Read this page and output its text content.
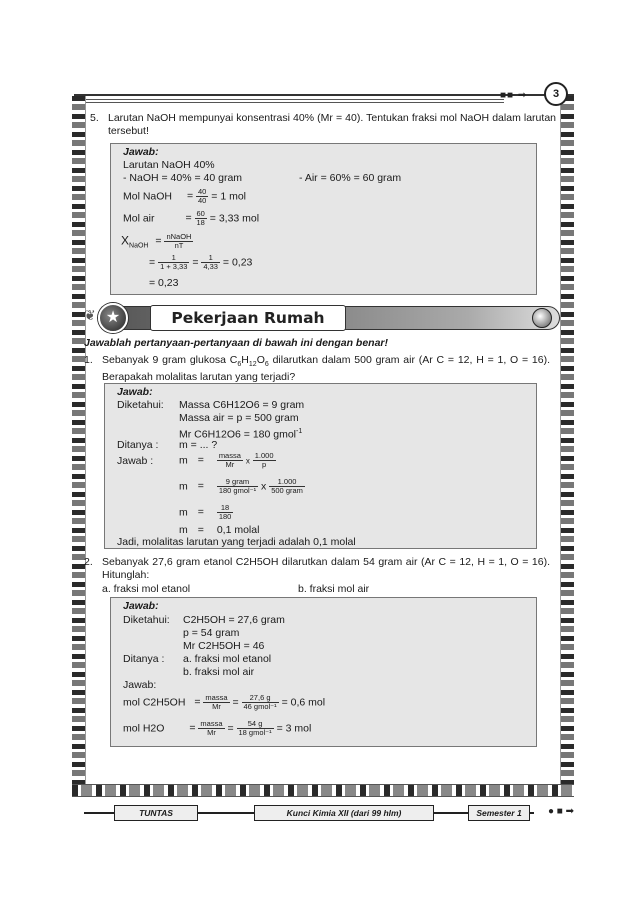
■■ ➡	3
5. Larutan NaOH mempunyai konsentrasi 40% (Mr = 40). Tentukan fraksi mol NaOH dalam larutan tersebut!
Jawab:
Larutan NaOH 40%
- NaOH = 40% = 40 gram	- Air = 60% = 60 gram
Mol NaOH = $\frac{40}{40} = 1$ mol
Mol air	= $\frac{60}{18} = 3,33$ mol
$X_{NaOH} = \frac{\text{nNaOH}}{nT}$
= $\frac{1}{1 + 3,33} = \frac{1}{4,33} = 0,23$
= 0,23
❦ ★	Pekerjaan Rumah
Jawablah pertanyaan-pertanyaan di bawah ini dengan benar!
1. Sebanyak 9 gram glukosa $C_6H_{12}O_6$ dilarutkan dalam 500 gram air (Ar C = 12, H = 1, O = 16). Berapakah molalitas larutan yang terjadi?
Jawab:
Diketahui: Massa C6H12O6 = 9 gram
Massa air = p = 500 gram
Mr C6H12O6 = 180 gmol$^{-1}$
Ditanya : m = ... ?
Jawab : $m = \frac{\text{massa}}{Mr}$ x $\frac{1.000}{p}$
$m = \frac{\text{9 gram}}{\text{180 gmol⁻¹}}$ x $\frac{1.000}{\text{500 gram}}$
$m = \frac{18}{180}$
m = 0,1 molal
Jadi, molalitas larutan yang terjadi adalah 0,1 molal
2. Sebanyak 27,6 gram etanol C2H5OH dilarutkan dalam 54 gram air (Ar C = 12, H = 1, O = 16). Hitunglah:
a. fraksi mol etanol	b. fraksi mol air
Jawab:
Diketahui: C2H5OH = 27,6 gram
p = 54 gram
Mr C2H5OH = 46
Ditanya : a. fraksi mol etanol
b. fraksi mol air
Jawab:
mol $C2H5OH = \frac{\text{massa}}{Mr} = \frac{27,6 g}{\text{46 gmol⁻¹}} = 0,6$ mol
mol $H2O = \frac{\text{massa}}{Mr} = \frac{54 g}{\text{18 gmol⁻¹}} = 3$ mol
TUNTAS	Kunci Kimia XII (dari 99 hlm)	Semester 1	● ■ ➡
